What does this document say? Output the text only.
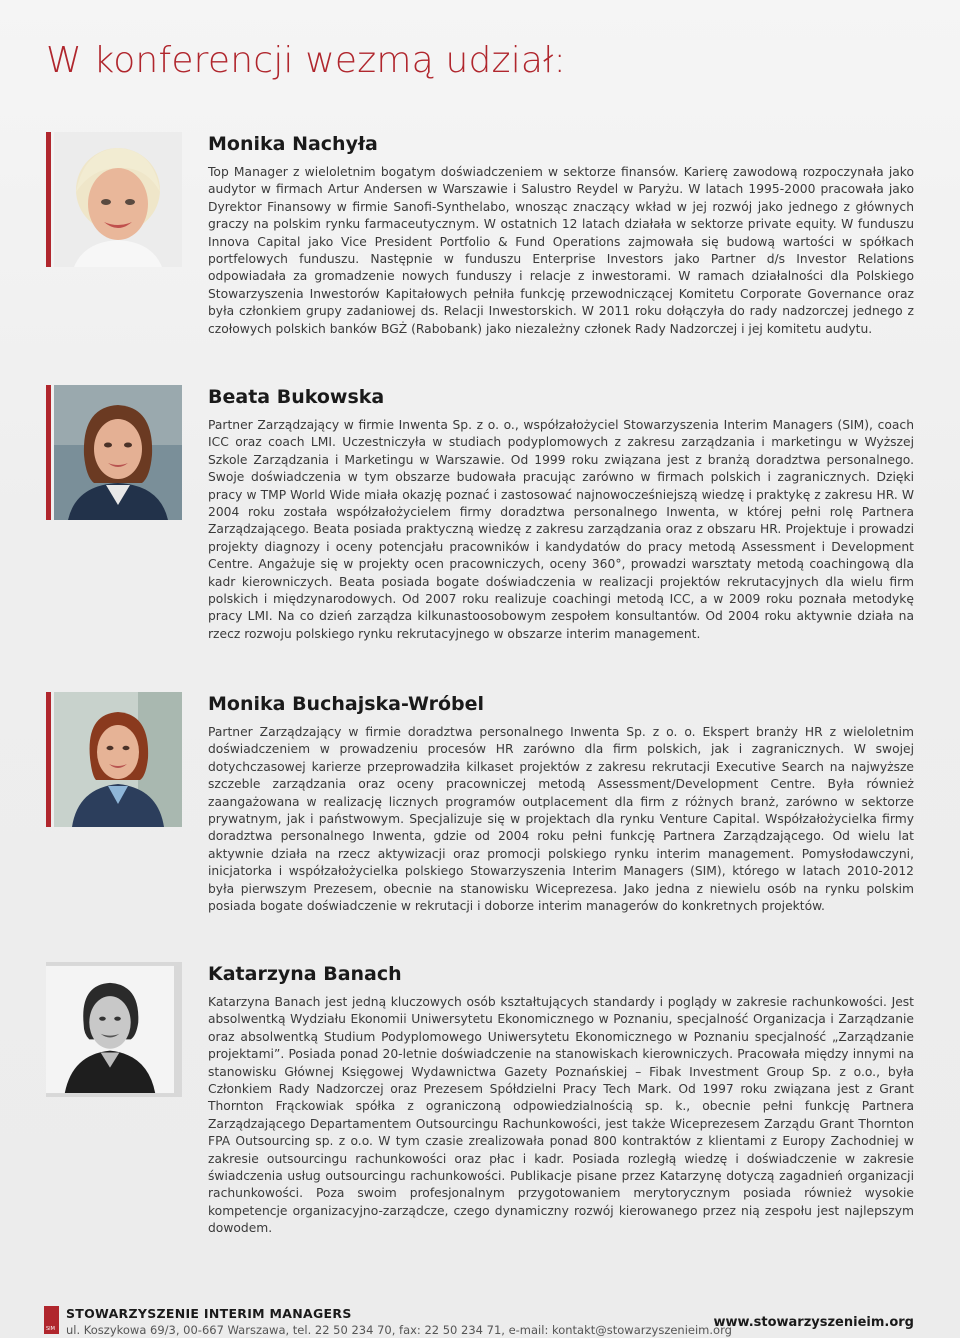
W konferencji wezmą udział:
Monika Nachyła

Top Manager z wieloletnim bogatym doświadczeniem w sektorze finansów. Karierę zawodową rozpoczynała jako audytor w firmach Artur Andersen w Warszawie i Salustro Reydel w Paryżu. W latach 1995-2000 pracowała jako Dyrektor Finansowy w firmie Sanofi-Synthelabo, wnosząc znaczący wkład w jej rozwój jako jednego z głównych graczy na polskim rynku farmaceutycznym. W ostatnich 12 latach działała w sektorze private equity. W funduszu Innova Capital jako Vice President Portfolio & Fund Operations zajmowała się budową wartości w spółkach portfelowych funduszu. Następnie w funduszu Enterprise Investors jako Partner d/s Investor Relations odpowiadała za gromadzenie nowych funduszy i relacje z inwestorami. W ramach działalności dla Polskiego Stowarzyszenia Inwestorów Kapitałowych pełniła funkcję przewodniczącej Komitetu Corporate Governance oraz była członkiem grupy zadaniowej ds. Relacji Inwestorskich. W 2011 roku dołączyła do rady nadzorczej jednego z czołowych polskich banków BGŻ (Rabobank) jako niezależny członek Rady Nadzorczej i jej komitetu audytu.

Beata Bukowska

Partner Zarządzający w firmie Inwenta Sp. z o. o., współzałożyciel Stowarzyszenia Interim Managers (SIM), coach ICC oraz coach LMI. Uczestniczyła w studiach podyplomowych z zakresu zarządzania i marketingu w Wyższej Szkole Zarządzania i Marketingu w Warszawie. Od 1999 roku związana jest z branżą doradztwa personalnego. Swoje doświadczenia w tym obszarze budowała pracując zarówno w firmach polskich i zagranicznych. Dzięki pracy w TMP World Wide miała okazję poznać i zastosować najnowocześniejszą wiedzę i praktykę z zakresu HR. W 2004 roku została współzałożycielem firmy doradztwa personalnego Inwenta, w której pełni rolę Partnera Zarządzającego. Beata posiada praktyczną wiedzę z zakresu zarządzania oraz z obszaru HR. Projektuje i prowadzi projekty diagnozy i oceny potencjału pracowników i kandydatów do pracy metodą Assessment i Development Centre. Angażuje się w projekty ocen pracowniczych, oceny 360°, prowadzi warsztaty metodą coachingową dla kadr kierowniczych. Beata posiada bogate doświadczenia w realizacji projektów rekrutacyjnych dla wielu firm polskich i międzynarodowych. Od 2007 roku realizuje coachingi metodą ICC, a w 2009 roku poznała metodykę pracy LMI. Na co dzień zarządza kilkunastoosobowym zespołem konsultantów. Od 2004 roku aktywnie działa na rzecz rozwoju polskiego rynku rekrutacyjnego w obszarze interim management.

Monika Buchajska-Wróbel

Partner Zarządzający w firmie doradztwa personalnego Inwenta Sp. z o. o. Ekspert branży HR z wieloletnim doświadczeniem w prowadzeniu procesów HR zarówno dla firm polskich, jak i zagranicznych. W swojej dotychczasowej karierze przeprowadziła kilkaset projektów z zakresu rekrutacji Executive Search na najwyższe szczeble zarządzania oraz oceny pracowniczej metodą Assessment/Development Centre. Była również zaangażowana w realizację licznych programów outplacement dla firm z różnych branż, zarówno w sektorze prywatnym, jak i państwowym. Specjalizuje się w projektach dla rynku Venture Capital. Współzałożycielka firmy doradztwa personalnego Inwenta, gdzie od 2004 roku pełni funkcję Partnera Zarządzającego. Od wielu lat aktywnie działa na rzecz aktywizacji oraz promocji polskiego rynku interim management. Pomysłodawczyni, inicjatorka i współzałożycielka polskiego Stowarzyszenia Interim Managers (SIM), którego w latach 2010-2012 była pierwszym Prezesem, obecnie na stanowisku Wiceprezesa. Jako jedna z niewielu osób na rynku polskim posiada bogate doświadczenie w rekrutacji i doborze interim managerów do konkretnych projektów.

Katarzyna Banach

Katarzyna Banach jest jedną kluczowych osób kształtujących standardy i poglądy w zakresie rachunkowości. Jest absolwentką Wydziału Ekonomii Uniwersytetu Ekonomicznego w Poznaniu, specjalność Organizacja i Zarządzanie oraz absolwentką Studium Podyplomowego Uniwersytetu Ekonomicznego w Poznaniu specjalność „Zarządzanie projektami”. Posiada ponad 20-letnie doświadczenie na stanowiskach kierowniczych. Pracowała między innymi na stanowisku Głównej Księgowej Wydawnictwa Gazety Poznańskiej – Fibak Investment Group Sp. z o.o., była Członkiem Rady Nadzorczej oraz Prezesem Spółdzielni Pracy Tech Mark. Od 1997 roku związana jest z Grant Thornton Frąckowiak spółka z ograniczoną odpowiedzialnością sp. k., obecnie pełni funkcję Partnera Zarządzającego Departamentem Outsourcingu Rachunkowości, jest także Wiceprezesem Zarządu Grant Thornton FPA Outsourcing sp. z o.o. W tym czasie zrealizowała ponad 800 kontraktów z klientami z Europy Zachodniej w zakresie outsourcingu rachunkowości oraz płac i kadr. Posiada rozległą wiedzę i doświadczenie w zakresie świadczenia usług outsourcingu rachunkowości. Publikacje pisane przez Katarzynę dotyczą zagadnień organizacji rachunkowości. Poza swoim profesjonalnym przygotowaniem merytorycznym posiada również wysokie kompetencje organizacyjno-zarządcze, czego dynamiczny rozwój kierowanego przez nią zespołu jest najlepszym dowodem.

SIM
STOWARZYSZENIE INTERIM MANAGERS
ul. Koszykowa 69/3, 00-667 Warszawa, tel. 22 50 234 70, fax: 22 50 234 71, e-mail: kontakt@stowarzyszenieim.org
www.stowarzyszenieim.org
